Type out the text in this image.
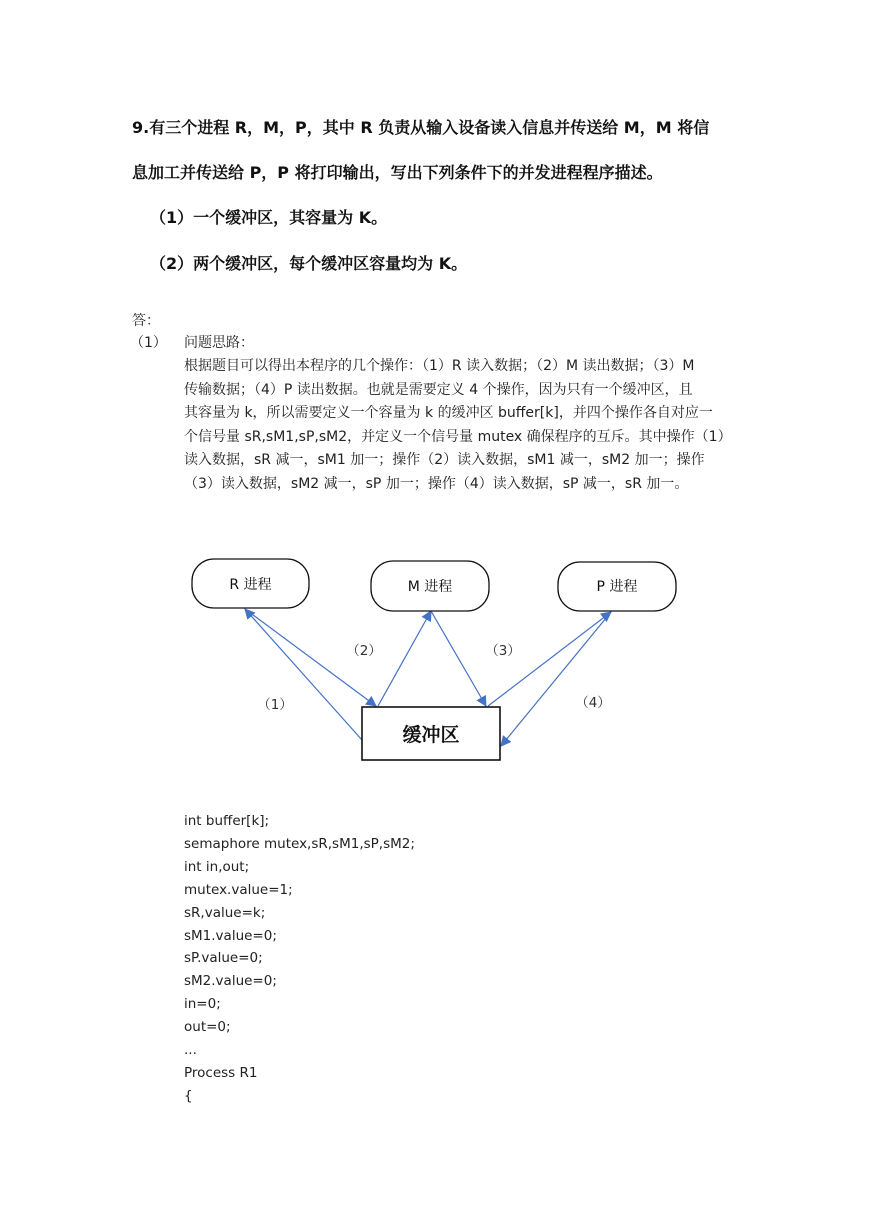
9.有三个进程 R，M，P，其中 R 负责从输入设备读入信息并传送给 M，M 将信
息加工并传送给 P，P 将打印输出，写出下列条件下的并发进程程序描述。
（1）一个缓冲区，其容量为 K。
（2）两个缓冲区，每个缓冲区容量均为 K。
答：
（1） 问题思路：

根据题目可以得出本程序的几个操作：（1）R 读入数据；（2）M 读出数据；（3）M

传输数据；（4）P 读出数据。也就是需要定义 4 个操作，因为只有一个缓冲区，且

其容量为 k，所以需要定义一个容量为 k 的缓冲区 buffer[k]，并四个操作各自对应一

个信号量 sR,sM1,sP,sM2，并定义一个信号量 mutex 确保程序的互斥。其中操作（1）

读入数据，sR 减一，sM1 加一；操作（2）读入数据，sM1 减一，sM2 加一；操作

（3）读入数据，sM2 减一，sP 加一；操作（4）读入数据，sP 减一，sR 加一。

R 进程	M 进程	P 进程
缓冲区
（1）
（2）	（3）
（4）
int buffer[k];
semaphore mutex,sR,sM1,sP,sM2;
int in,out;
mutex.value=1;
sR,value=k;
sM1.value=0;
sP.value=0;
sM2.value=0;
in=0;
out=0;
...
Process R1
{
